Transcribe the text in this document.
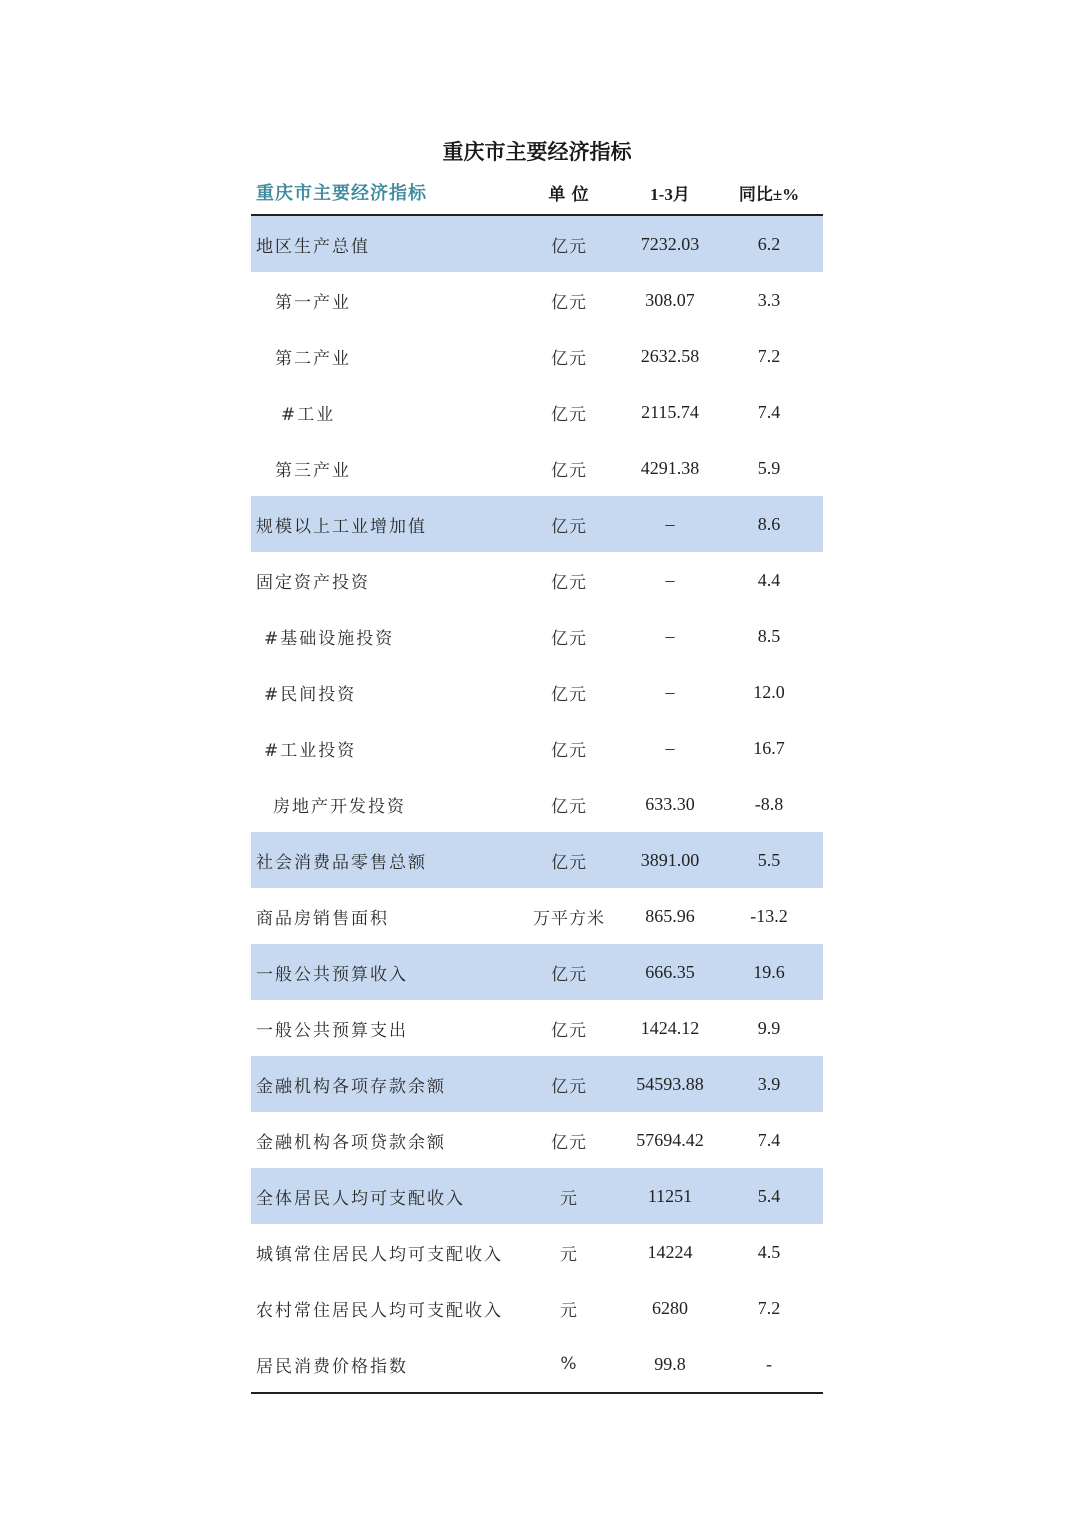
重庆市主要经济指标
重庆市主要经济指标	单 位	1-3月	同比±%
地区生产总值	亿元	7232.03	6.2
第一产业	亿元	308.07	3.3
第二产业	亿元	2632.58	7.2
#工业	亿元	2115.74	7.4
第三产业	亿元	4291.38	5.9
规模以上工业增加值	亿元	–	8.6
固定资产投资	亿元	–	4.4
#基础设施投资	亿元	–	8.5
#民间投资	亿元	–	12.0
#工业投资	亿元	–	16.7
房地产开发投资	亿元	633.30	-8.8
社会消费品零售总额	亿元	3891.00	5.5
商品房销售面积	万平方米	865.96	-13.2
一般公共预算收入	亿元	666.35	19.6
一般公共预算支出	亿元	1424.12	9.9
金融机构各项存款余额	亿元	54593.88	3.9
金融机构各项贷款余额	亿元	57694.42	7.4
全体居民人均可支配收入	元	11251	5.4
城镇常住居民人均可支配收入	元	14224	4.5
农村常住居民人均可支配收入	元	6280	7.2
居民消费价格指数	%	99.8	-
